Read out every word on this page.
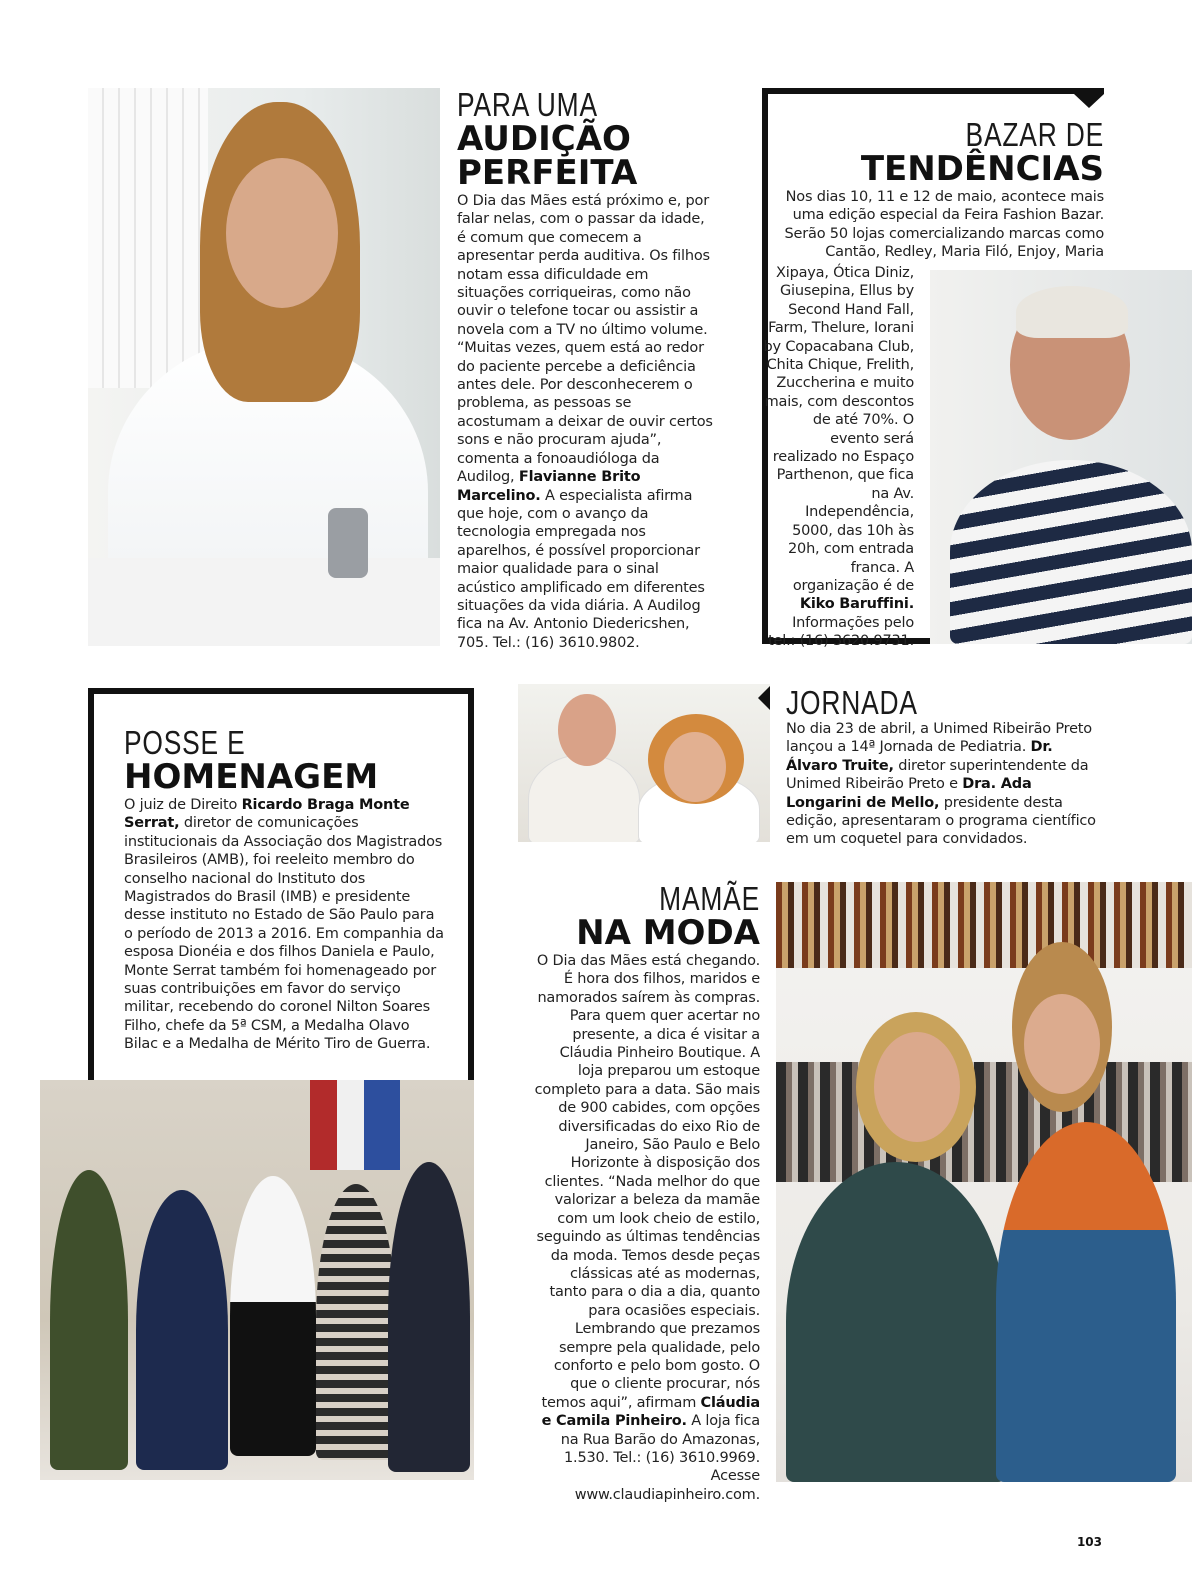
PARA UMA

AUDIÇÃO

PERFEITA

O Dia das Mães está próximo e, por falar nelas, com o passar da idade, é comum que comecem a apresentar perda auditiva. Os filhos notam essa dificuldade em situações corriqueiras, como não ouvir o telefone tocar ou assistir a novela com a TV no último volume. “Muitas vezes, quem está ao redor do paciente percebe a deficiência antes dele. Por desconhecerem o problema, as pessoas se acostumam a deixar de ouvir certos sons e não procuram ajuda”, comenta a fonoaudióloga da Audilog, Flavianne Brito Marcelino. A especialista afirma que hoje, com o avanço da tecnologia empregada nos aparelhos, é possível proporcionar maior qualidade para o sinal acústico amplificado em diferentes situações da vida diária. A Audilog fica na Av. Antonio Diedericshen, 705. Tel.: (16) 3610.9802.

BAZAR DE

TENDÊNCIAS

Nos dias 10, 11 e 12 de maio, acontece mais uma edição especial da Feira Fashion Bazar. Serão 50 lojas comercializando marcas como Cantão, Redley, Maria Filó, Enjoy, Maria

Xipaya, Ótica Diniz, Giusepina, Ellus by Second Hand Fall, Farm, Thelure, Iorani by Copacabana Club, Chita Chique, Frelith, Zuccherina e muito mais, com descontos de até 70%. O evento será realizado no Espaço Parthenon, que fica na Av. Independência, 5000, das 10h às 20h, com entrada franca. A organização é de Kiko Baruffini. Informações pelo tel.: (16) 3620.9731.

POSSE E

HOMENAGEM

O juiz de Direito Ricardo Braga Monte Serrat, diretor de comunicações institucionais da Associação dos Magistrados Brasileiros (AMB), foi reeleito membro do conselho nacional do Instituto dos Magistrados do Brasil (IMB) e presidente desse instituto no Estado de São Paulo para o período de 2013 a 2016. Em companhia da esposa Dionéia e dos filhos Daniela e Paulo, Monte Serrat também foi homenageado por suas contribuições em favor do serviço militar, recebendo do coronel Nilton Soares Filho, chefe da 5ª CSM, a Medalha Olavo Bilac e a Medalha de Mérito Tiro de Guerra.

JORNADA

No dia 23 de abril, a Unimed Ribeirão Preto lançou a 14ª Jornada de Pediatria. Dr. Álvaro Truite, diretor superintendente da Unimed Ribeirão Preto e Dra. Ada Longarini de Mello, presidente desta edição, apresentaram o programa científico em um coquetel para convidados.

MAMÃE

NA MODA

O Dia das Mães está chegando. É hora dos filhos, maridos e namorados saírem às compras. Para quem quer acertar no presente, a dica é visitar a Cláudia Pinheiro Boutique. A loja preparou um estoque completo para a data. São mais de 900 cabides, com opções diversificadas do eixo Rio de Janeiro, São Paulo e Belo Horizonte à disposição dos clientes. “Nada melhor do que valorizar a beleza da mamãe com um look cheio de estilo, seguindo as últimas tendências da moda. Temos desde peças clássicas até as modernas, tanto para o dia a dia, quanto para ocasiões especiais. Lembrando que prezamos sempre pela qualidade, pelo conforto e pelo bom gosto. O que o cliente procurar, nós temos aqui”, afirmam Cláudia e Camila Pinheiro. A loja fica na Rua Barão do Amazonas, 1.530. Tel.: (16) 3610.9969. Acesse www.claudiapinheiro.com.

103
